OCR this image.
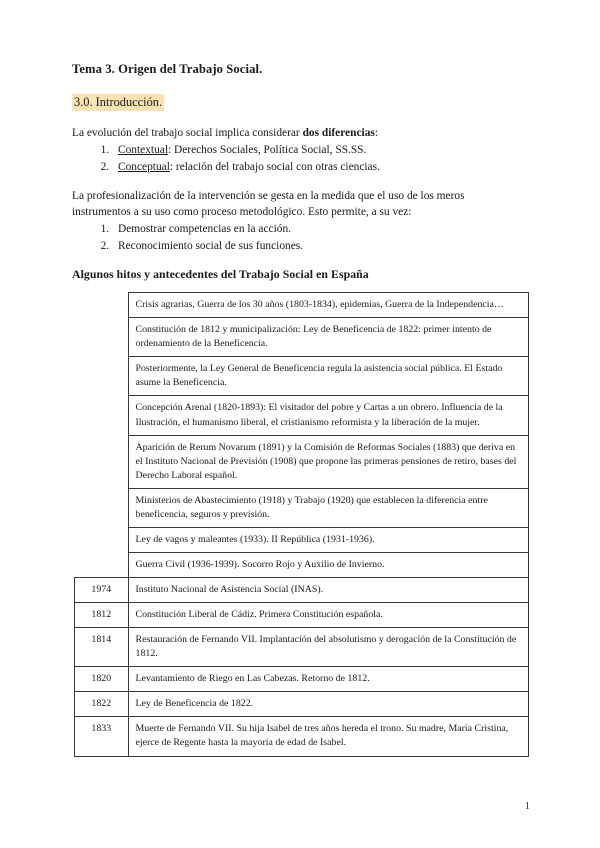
Tema 3. Origen del Trabajo Social.
3.0. Introducción.

La evolución del trabajo social implica considerar dos diferencias:

1. Contextual: Derechos Sociales, Política Social, SS.SS.
2. Conceptual: relación del trabajo social con otras ciencias.

La profesionalización de la intervención se gesta en la medida que el uso de los meros instrumentos a su uso como proceso metodológico. Esto permite, a su vez:

1. Demostrar competencias en la acción.
2. Reconocimiento social de sus funciones.
Algunos hitos y antecedentes del Trabajo Social en España
	Crisis agrarias, Guerra de los 30 años (1803-1834), epidemias, Guerra de la Independencia…
	Constitución de 1812 y municipalización: Ley de Beneficencia de 1822: primer intento de ordenamiento de la Beneficencia.
	Posteriormente, la Ley General de Beneficencia regula la asistencia social pública. El Estado asume la Beneficencia.
	Concepción Arenal (1820-1893): El visitador del pobre y Cartas a un obrero. Influencia de la Ilustración, el humanismo liberal, el cristianismo reformista y la liberación de la mujer.
	Aparición de Rerum Novarum (1891) y la Comisión de Reformas Sociales (1883) que deriva en el Instituto Nacional de Previsión (1908) que propone las primeras pensiones de retiro, bases del Derecho Laboral español.
	Ministerios de Abastecimiento (1918) y Trabajo (1920) que establecen la diferencia entre beneficencia, seguros y previsión.
	Ley de vagos y maleantes (1933). II República (1931-1936).
	Guerra Civil (1936-1939). Socorro Rojo y Auxilio de Invierno.
1974	Instituto Nacional de Asistencia Social (INAS).
1812	Constitución Liberal de Cádiz. Primera Constitución española.
1814	Restauración de Fernando VII. Implantación del absolutismo y derogación de la Constitución de 1812.
1820	Levantamiento de Riego en Las Cabezas. Retorno de 1812.
1822	Ley de Beneficencia de 1822.
1833	Muerte de Fernando VII. Su hija Isabel de tres años hereda el trono. Su madre, María Cristina, ejerce de Regente hasta la mayoría de edad de Isabel.
1
